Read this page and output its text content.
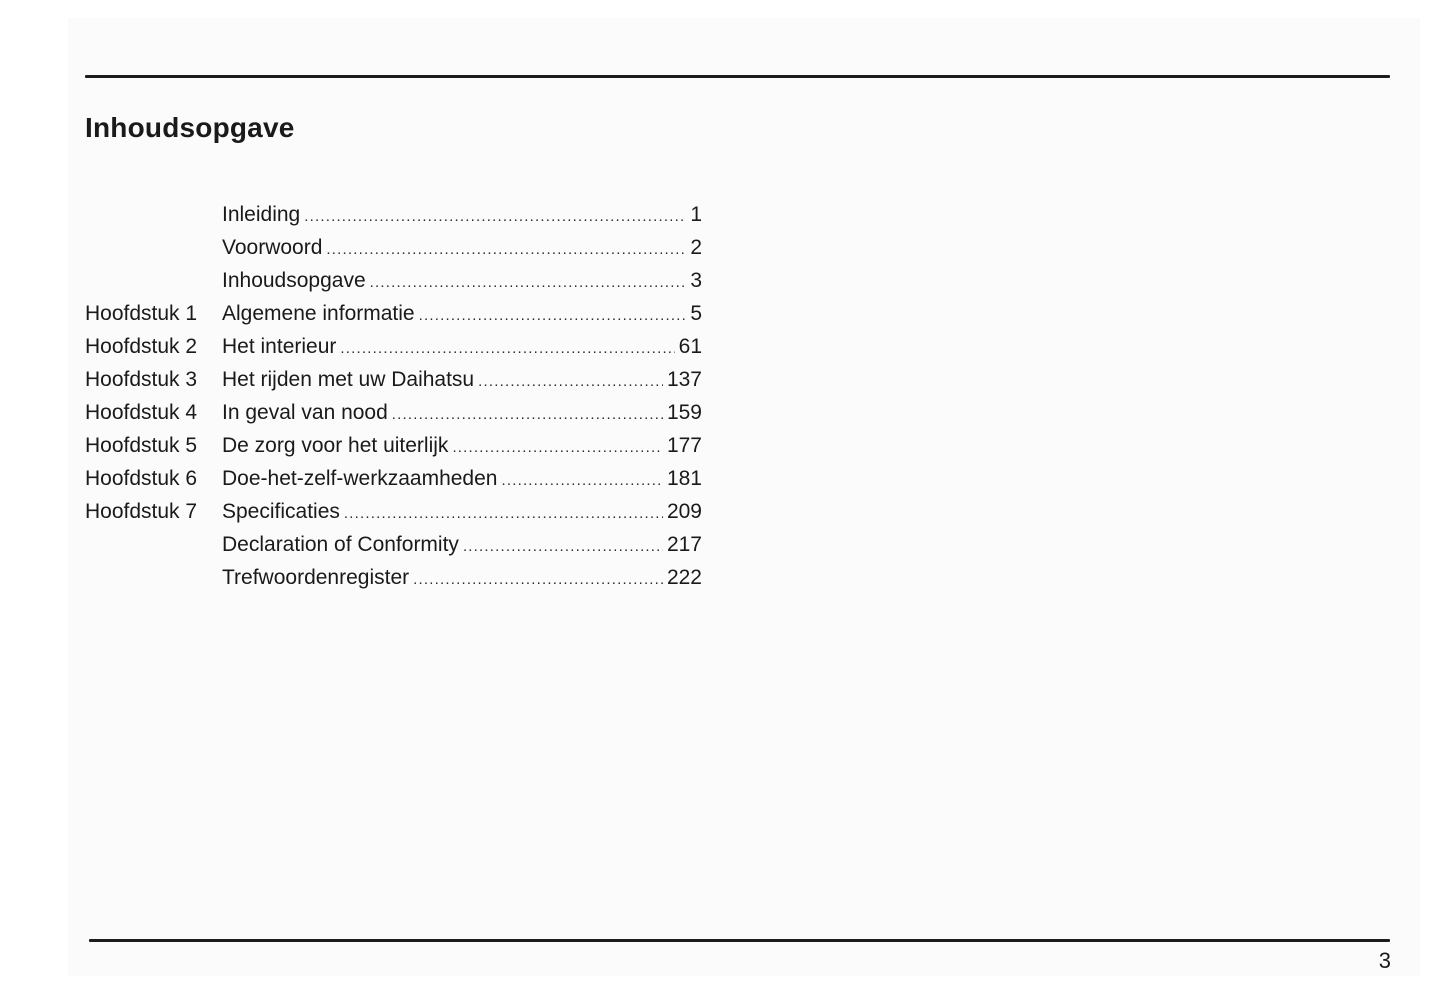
Inhoudsopgave
Inleiding .....	1
Voorwoord .....	2
Inhoudsopgave .....	3
Hoofdstuk 1 Algemene informatie .....	5
Hoofdstuk 2 Het interieur .....	61
Hoofdstuk 3 Het rijden met uw Daihatsu .....	137
Hoofdstuk 4 In geval van nood .....	159
Hoofdstuk 5 De zorg voor het uiterlijk .....	177
Hoofdstuk 6 Doe-het-zelf-werkzaamheden .....	181
Hoofdstuk 7 Specificaties .....	209
Declaration of Conformity .....	217
Trefwoordenregister .....	222
3
